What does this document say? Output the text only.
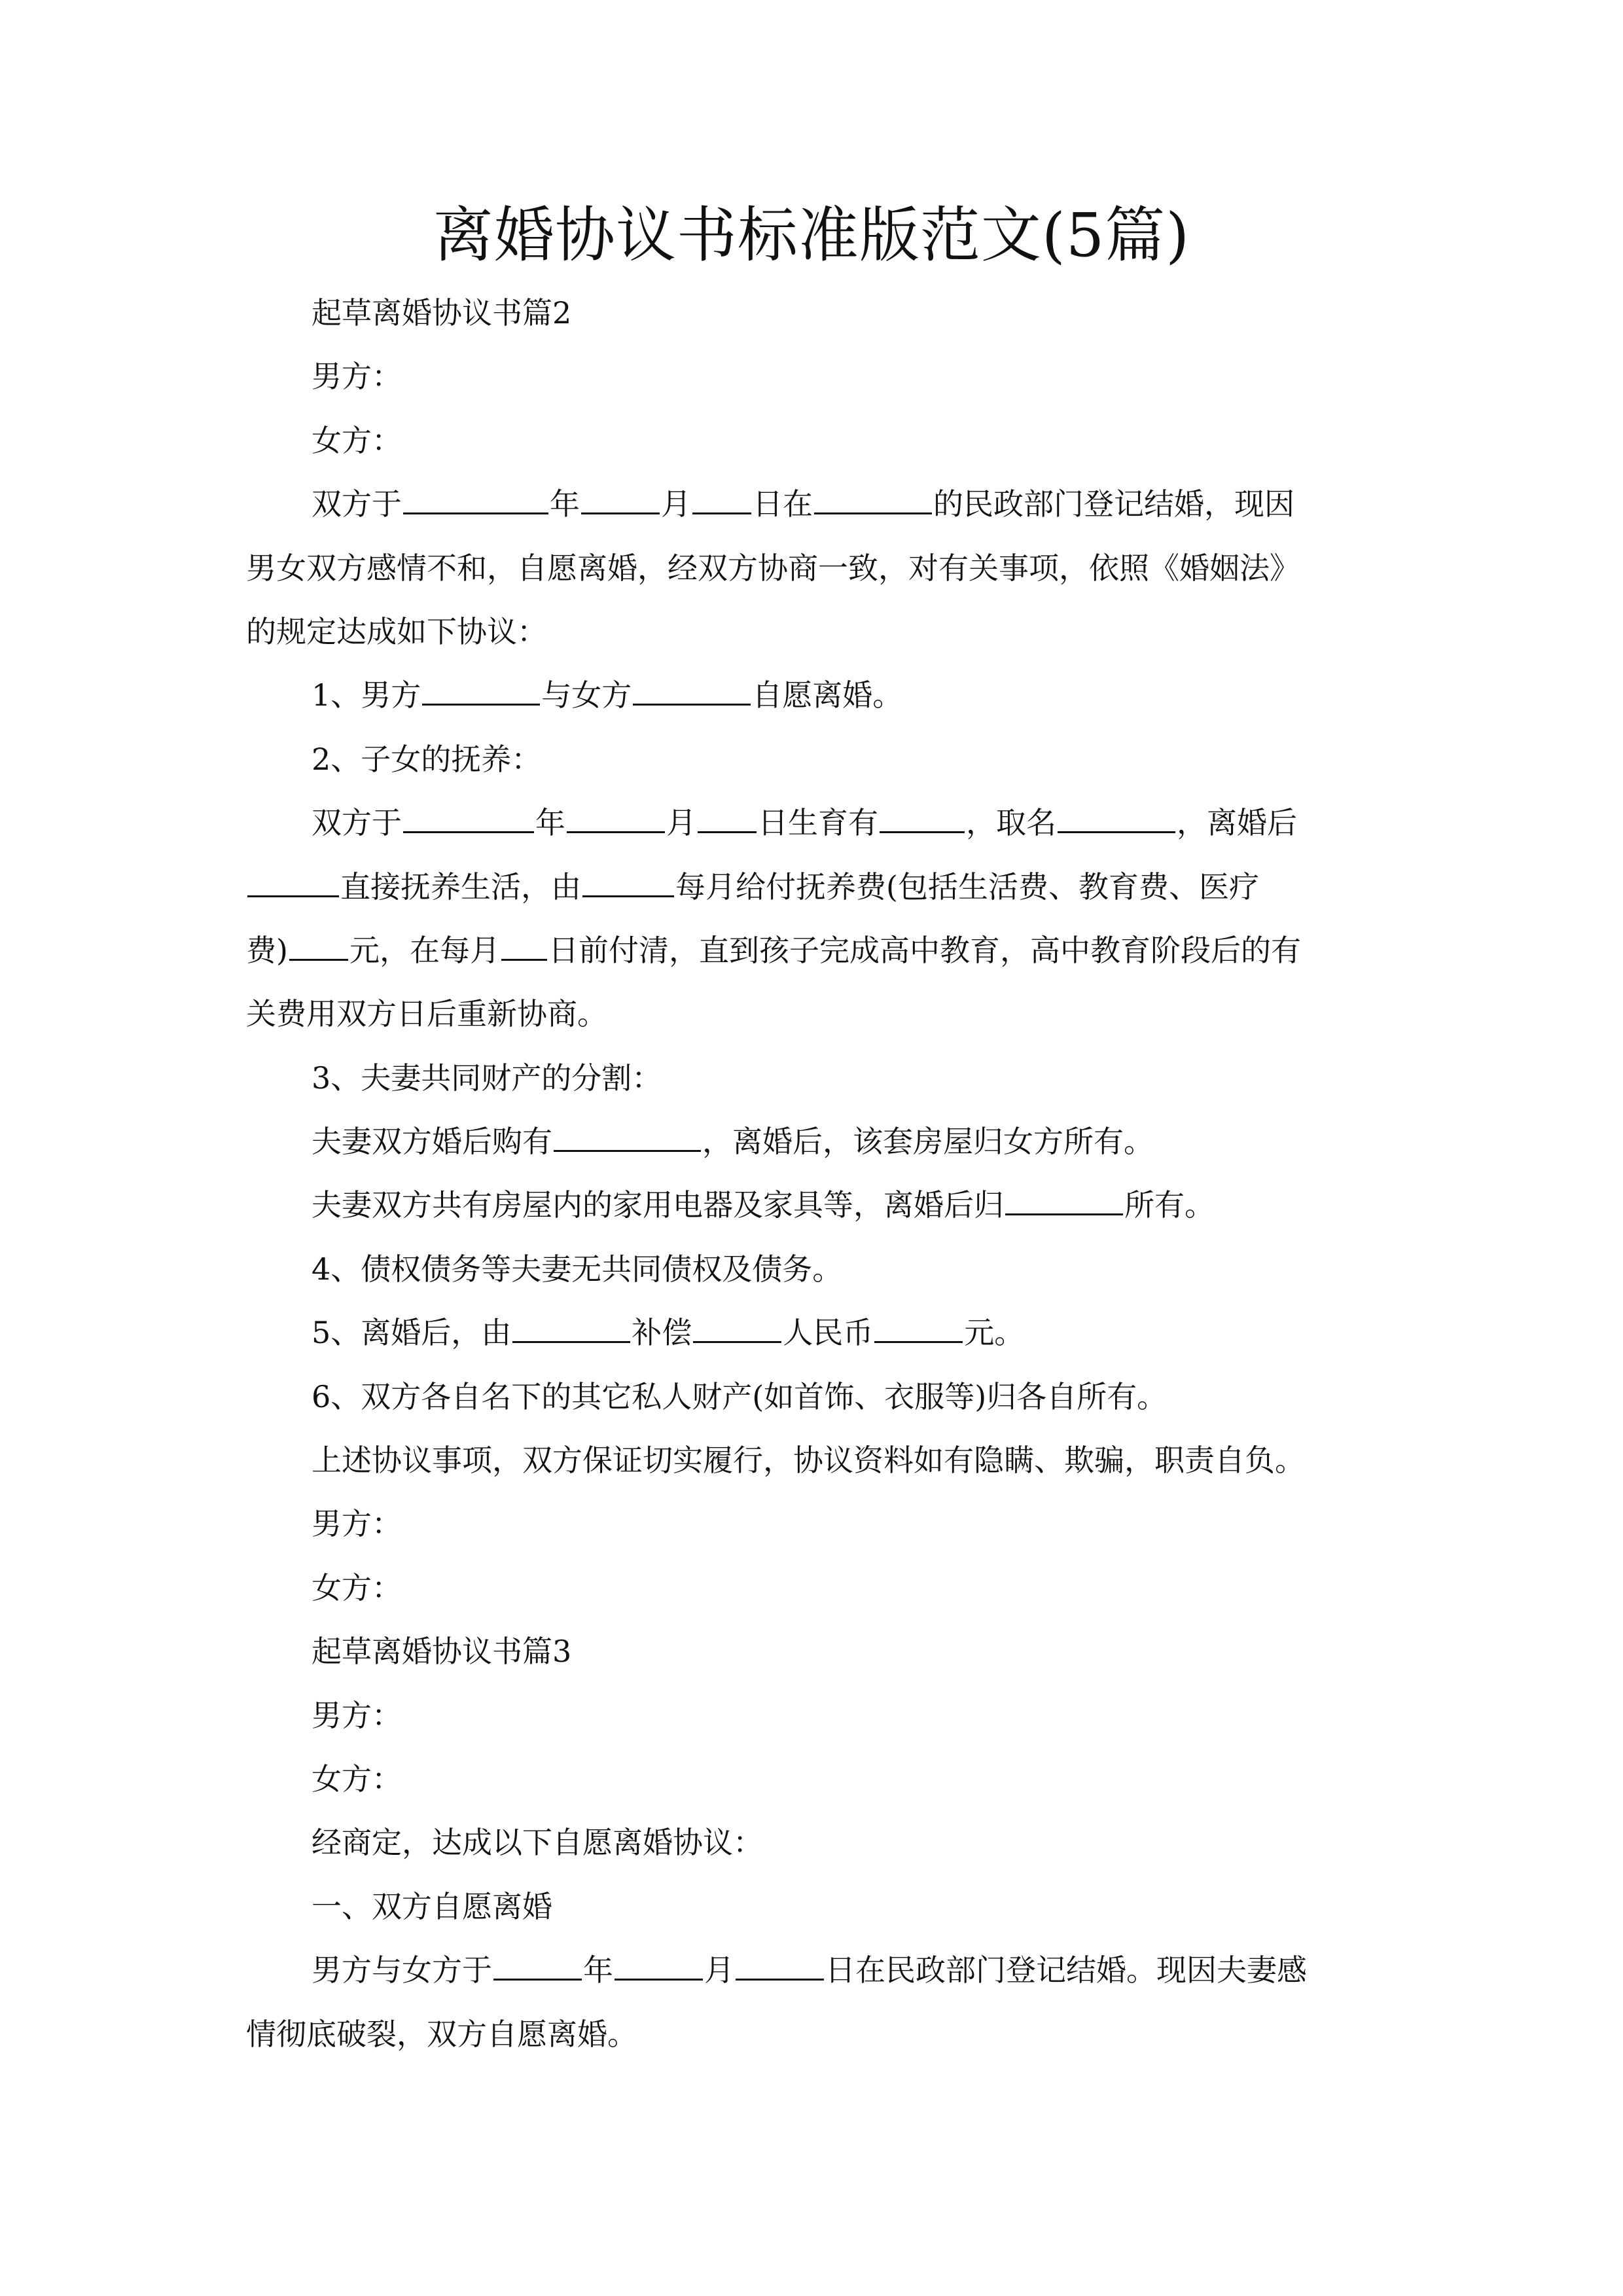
离婚协议书标准版范文(5篇)

起草离婚协议书篇2

男方：

女方：

双方于	年	月 日在	的民政部门登记结婚，现因

男女双方感情不和，自愿离婚，经双方协商一致，对有关事项，依照《婚姻法》

的规定达成如下协议：

1、男方	与女方	自愿离婚。

2、子女的抚养：

双方于	年	月 日生育有	，取名	，离婚后

直接抚养生活，由	每月给付抚养费(包括生活费、教育费、医疗

费) 元，在每月 日前付清，直到孩子完成高中教育，高中教育阶段后的有

关费用双方日后重新协商。

3、夫妻共同财产的分割：

夫妻双方婚后购有	，离婚后，该套房屋归女方所有。

夫妻双方共有房屋内的家用电器及家具等，离婚后归	所有。

4、债权债务等夫妻无共同债权及债务。

5、离婚后，由	补偿	人民币	元。

6、双方各自名下的其它私人财产(如首饰、衣服等)归各自所有。

上述协议事项，双方保证切实履行，协议资料如有隐瞒、欺骗，职责自负。

男方：

女方：

起草离婚协议书篇3

男方：

女方：

经商定，达成以下自愿离婚协议：

一、双方自愿离婚

男方与女方于	年	月	日在民政部门登记结婚。现因夫妻感

情彻底破裂，双方自愿离婚。
